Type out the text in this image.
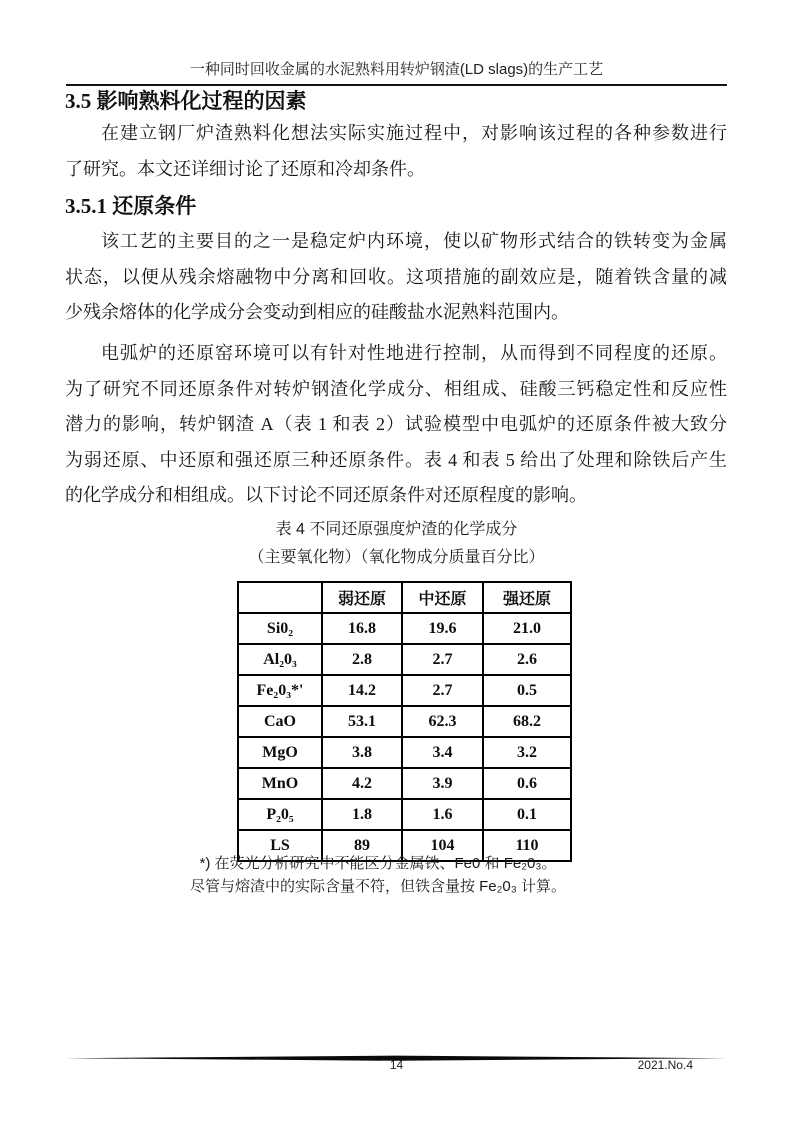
一种同时回收金属的水泥熟料用转炉钢渣(LD slags)的生产工艺
3.5 影响熟料化过程的因素
在建立钢厂炉渣熟料化想法实际实施过程中，对影响该过程的各种参数进行
了研究。本文还详细讨论了还原和冷却条件。
3.5.1 还原条件
该工艺的主要目的之一是稳定炉内环境，使以矿物形式结合的铁转变为金属
状态，以便从残余熔融物中分离和回收。这项措施的副效应是，随着铁含量的减
少残余熔体的化学成分会变动到相应的硅酸盐水泥熟料范围内。
电弧炉的还原窑环境可以有针对性地进行控制，从而得到不同程度的还原。
为了研究不同还原条件对转炉钢渣化学成分、相组成、硅酸三钙稳定性和反应性
潜力的影响，转炉钢渣 A（表 1 和表 2）试验模型中电弧炉的还原条件被大致分
为弱还原、中还原和强还原三种还原条件。表 4 和表 5 给出了处理和除铁后产生
的化学成分和相组成。以下讨论不同还原条件对还原程度的影响。
表 4 不同还原强度炉渣的化学成分
（主要氧化物）（氧化物成分质量百分比）
	弱还原	中还原	强还原
Si0₂	16.8	19.6	21.0
Al₂0₃	2.8	2.7	2.6
Fe₂0₃*'	14.2	2.7	0.5
CaO	53.1	62.3	68.2
MgO	3.8	3.4	3.2
MnO	4.2	3.9	0.6
P₂0₅	1.8	1.6	0.1
LS	89	104	110
*) 在荧光分析研究中不能区分金属铁、Fe0 和 Fe₂0₃。
尽管与熔渣中的实际含量不符，但铁含量按 Fe₂0₃ 计算。
14	2021.No.4
